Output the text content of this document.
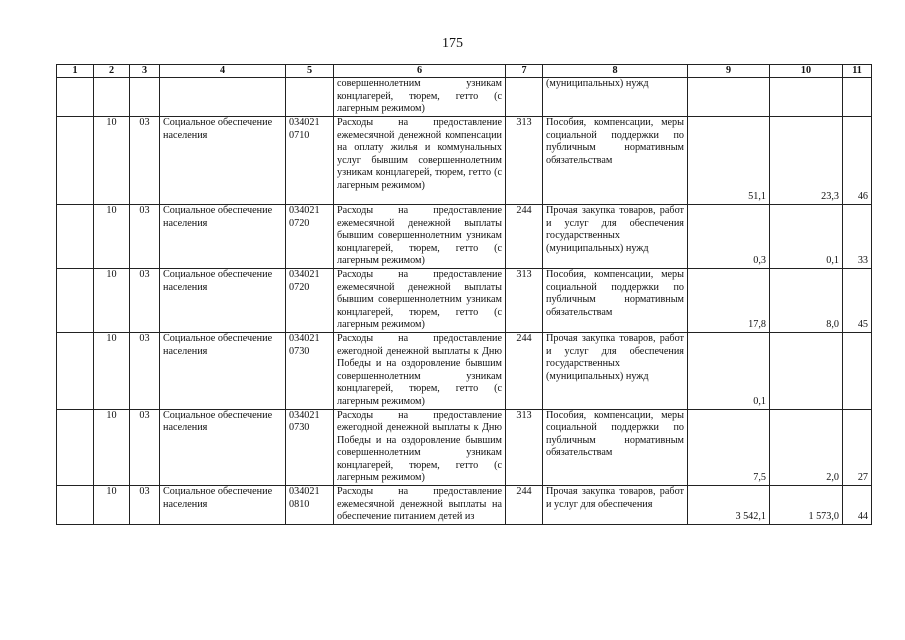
175
1	2	3	4	5	6	7	8	9	10	11
					совершеннолетним узникам концлагерей, тюрем, гетто (с лагерным режимом)		(муниципальных) нужд			
	10	03	Социальное обеспечение населения	034021 0710	Расходы на предоставление ежемесячной денежной компенсации на оплату жилья и коммунальных услуг бывшим совершеннолетним узникам концлагерей, тюрем, гетто (с лагерным режимом)	313	Пособия, компенсации, меры социальной поддержки по публичным нормативным обязательствам	51,1	23,3	46
	10	03	Социальное обеспечение населения	034021 0720	Расходы на предоставление ежемесячной денежной выплаты бывшим совершеннолетним узникам концлагерей, тюрем, гетто (с лагерным режимом)	244	Прочая закупка товаров, работ и услуг для обеспечения государственных (муниципальных) нужд	0,3	0,1	33
	10	03	Социальное обеспечение населения	034021 0720	Расходы на предоставление ежемесячной денежной выплаты бывшим совершеннолетним узникам концлагерей, тюрем, гетто (с лагерным режимом)	313	Пособия, компенсации, меры социальной поддержки по публичным нормативным обязательствам	17,8	8,0	45
	10	03	Социальное обеспечение населения	034021 0730	Расходы на предоставление ежегодной денежной выплаты к Дню Победы и на оздоровление бывшим совершеннолетним узникам концлагерей, тюрем, гетто (с лагерным режимом)	244	Прочая закупка товаров, работ и услуг для обеспечения государственных (муниципальных) нужд	0,1		
	10	03	Социальное обеспечение населения	034021 0730	Расходы на предоставление ежегодной денежной выплаты к Дню Победы и на оздоровление бывшим совершеннолетним узникам концлагерей, тюрем, гетто (с лагерным режимом)	313	Пособия, компенсации, меры социальной поддержки по публичным нормативным обязательствам	7,5	2,0	27
	10	03	Социальное обеспечение населения	034021 0810	Расходы на предоставление ежемесячной денежной выплаты на обеспечение питанием детей из	244	Прочая закупка товаров, работ и услуг для обеспечения	3 542,1	1 573,0	44
